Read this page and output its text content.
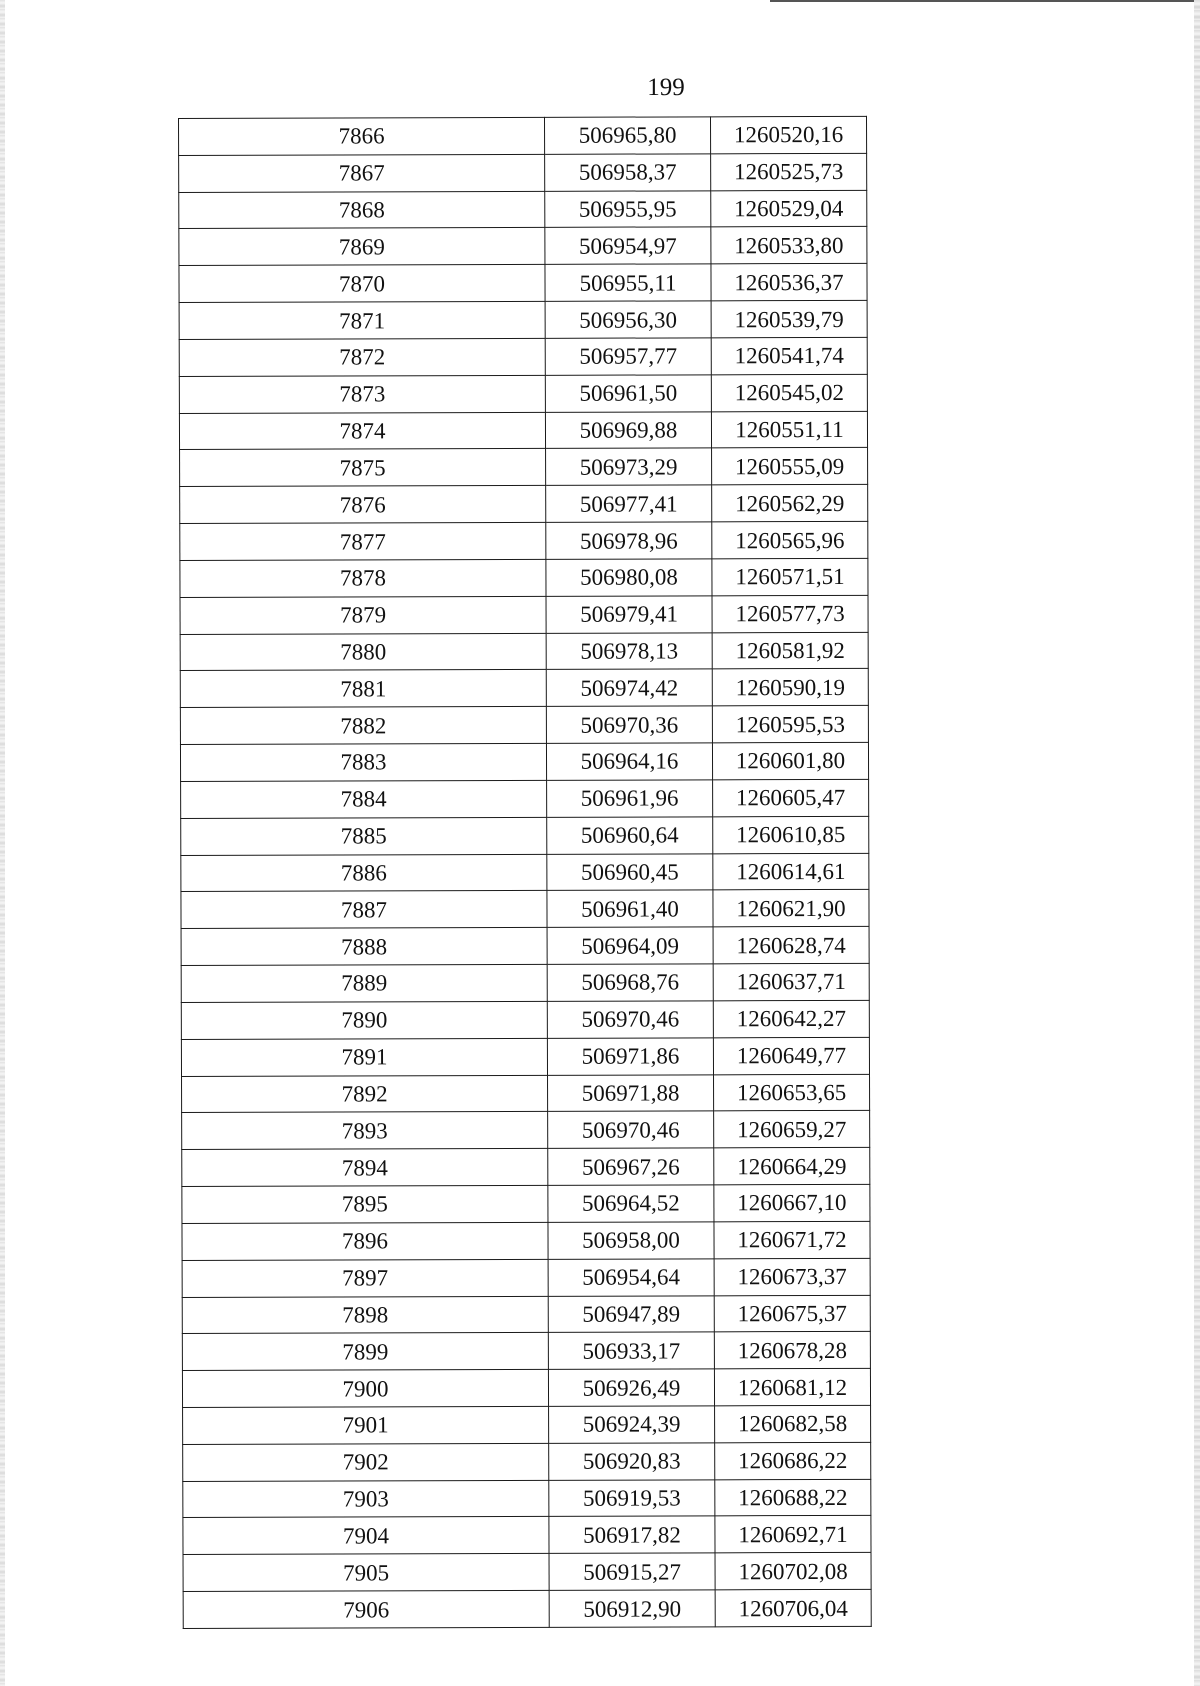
199
7866	506965,80	1260520,16
7867	506958,37	1260525,73
7868	506955,95	1260529,04
7869	506954,97	1260533,80
7870	506955,11	1260536,37
7871	506956,30	1260539,79
7872	506957,77	1260541,74
7873	506961,50	1260545,02
7874	506969,88	1260551,11
7875	506973,29	1260555,09
7876	506977,41	1260562,29
7877	506978,96	1260565,96
7878	506980,08	1260571,51
7879	506979,41	1260577,73
7880	506978,13	1260581,92
7881	506974,42	1260590,19
7882	506970,36	1260595,53
7883	506964,16	1260601,80
7884	506961,96	1260605,47
7885	506960,64	1260610,85
7886	506960,45	1260614,61
7887	506961,40	1260621,90
7888	506964,09	1260628,74
7889	506968,76	1260637,71
7890	506970,46	1260642,27
7891	506971,86	1260649,77
7892	506971,88	1260653,65
7893	506970,46	1260659,27
7894	506967,26	1260664,29
7895	506964,52	1260667,10
7896	506958,00	1260671,72
7897	506954,64	1260673,37
7898	506947,89	1260675,37
7899	506933,17	1260678,28
7900	506926,49	1260681,12
7901	506924,39	1260682,58
7902	506920,83	1260686,22
7903	506919,53	1260688,22
7904	506917,82	1260692,71
7905	506915,27	1260702,08
7906	506912,90	1260706,04
